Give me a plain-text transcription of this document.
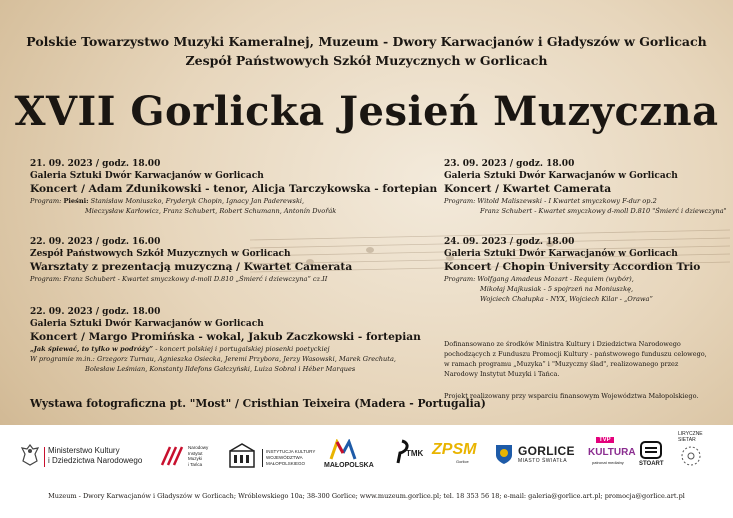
Polskie Towarzystwo Muzyki Kameralnej, Muzeum - Dwory Karwacjanów i Gładyszów w Gorlicach
Zespół Państwowych Szkół Muzycznych w Gorlicach
XVII Gorlicka Jesień Muzyczna
21. 09. 2023 / godz. 18.00
Galeria Sztuki Dwór Karwacjanów w Gorlicach
Koncert / Adam Zdunikowski - tenor, Alicja Tarczykowska - fortepian
Program: Pieśni: Stanisław Moniuszko, Fryderyk Chopin, Ignacy Jan Paderewski,
Mieczysław Karłowicz, Franz Schubert, Robert Schumann, Antonín Dvořák
22. 09. 2023 / godz. 16.00
Zespół Państwowych Szkół Muzycznych w Gorlicach
Warsztaty z prezentacją muzyczną / Kwartet Camerata
Program: Franz Schubert - Kwartet smyczkowy d-moll D.810 „Śmierć i dziewczyna” cz.II
22. 09. 2023 / godz. 18.00
Galeria Sztuki Dwór Karwacjanów w Gorlicach
Koncert / Margo Promińska - wokal, Jakub Zaczkowski - fortepian
„Jak śpiewać, to tylko w podróży” - koncert polskiej i portugalskiej piosenki poetyckiej
W programie m.in.: Grzegorz Turnau, Agnieszka Osiecka, Jeremi Przybora, Jerzy Wasowski, Marek Grechuta,
Bolesław Leśmian, Konstanty Ildefons Gałczyński, Luiza Sobral i Héber Marques
23. 09. 2023 / godz. 18.00
Galeria Sztuki Dwór Karwacjanów w Gorlicach
Koncert / Kwartet Camerata
Program: Witold Maliszewski - I Kwartet smyczkowy F-dur op.2
Franz Schubert - Kwartet smyczkowy d-moll D.810 "Śmierć i dziewczyna"
24. 09. 2023 / godz. 18.00
Galeria Sztuki Dwór Karwacjanów w Gorlicach
Koncert / Chopin University Accordion Trio
Program: Wolfgang Amadeus Mozart - Requiem (wybór),
Mikołaj Majkusiak - 5 spojrzeń na Moniuszkę,
Wojciech Chałupka - NYX, Wojciech Kilar - „Orawa”
Wystawa fotograficzna pt. "Most" / Cristhian Teixeira (Madera - Portugalia)
Dofinansowano ze środków Ministra Kultury i Dziedzictwa Narodowego
pochodzących z Funduszu Promocji Kultury - państwowego funduszu celowego,
w ramach programu „Muzyka” i "Muzyczny ślad", realizowanego przez
Narodowy Instytut Muzyki i Tańca.
Projekt realizowany przy wsparciu finansowym Województwa Małopolskiego.
Ministerstwo Kultury
i Dziedzictwa Narodowego
Narodowy
Instytut
Muzyki
i Tańca
INSTYTUCJA KULTURY
WOJEWÓDZTWA
MAŁOPOLSKIEGO	MAŁOPOLSKA
TMK ZPSM
Gorlice
GORLICE
MIASTO ŚWIATŁA
TVP
KULTURA
patronat medialny	STOART
LIRYCZNE
SIETAR
Muzeum - Dwory Karwacjanów i Gładyszów w Gorlicach; Wróblewskiego 10a; 38-300 Gorlice; www.muzeum.gorlice.pl; tel. 18 353 56 18; e-mail: galeria@gorlice.art.pl; promocja@gorlice.art.pl
